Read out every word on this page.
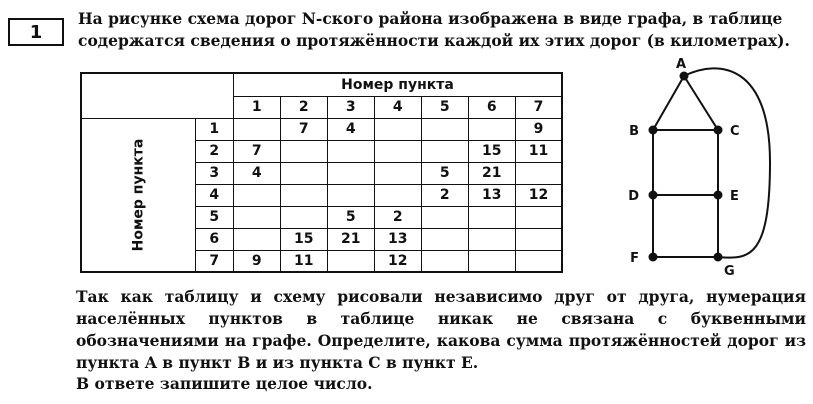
1

На рисунке схема дорог N-ского района изображена в виде графа, в таблице содержатся сведения о протяжённости каждой их этих дорог (в километрах).

		Номер пункта						
		1	2	3	4	5	6	7
Номер пункта	1		7	4				9
	2	7					15	11
	3	4				5	21	
	4					2	13	12
	5			5	2			
	6		15	21	13			
	7	9	11		12			
A
B	C
D	E
F
G

Так как таблицу и схему рисовали независимо друг от друга, нумерация населённых пунктов в таблице никак не связана с буквенными обозначениями на графе. Определите, какова сумма протяжённостей дорог из пункта A в пункт B и из пункта C в пункт E.

В ответе запишите целое число.
